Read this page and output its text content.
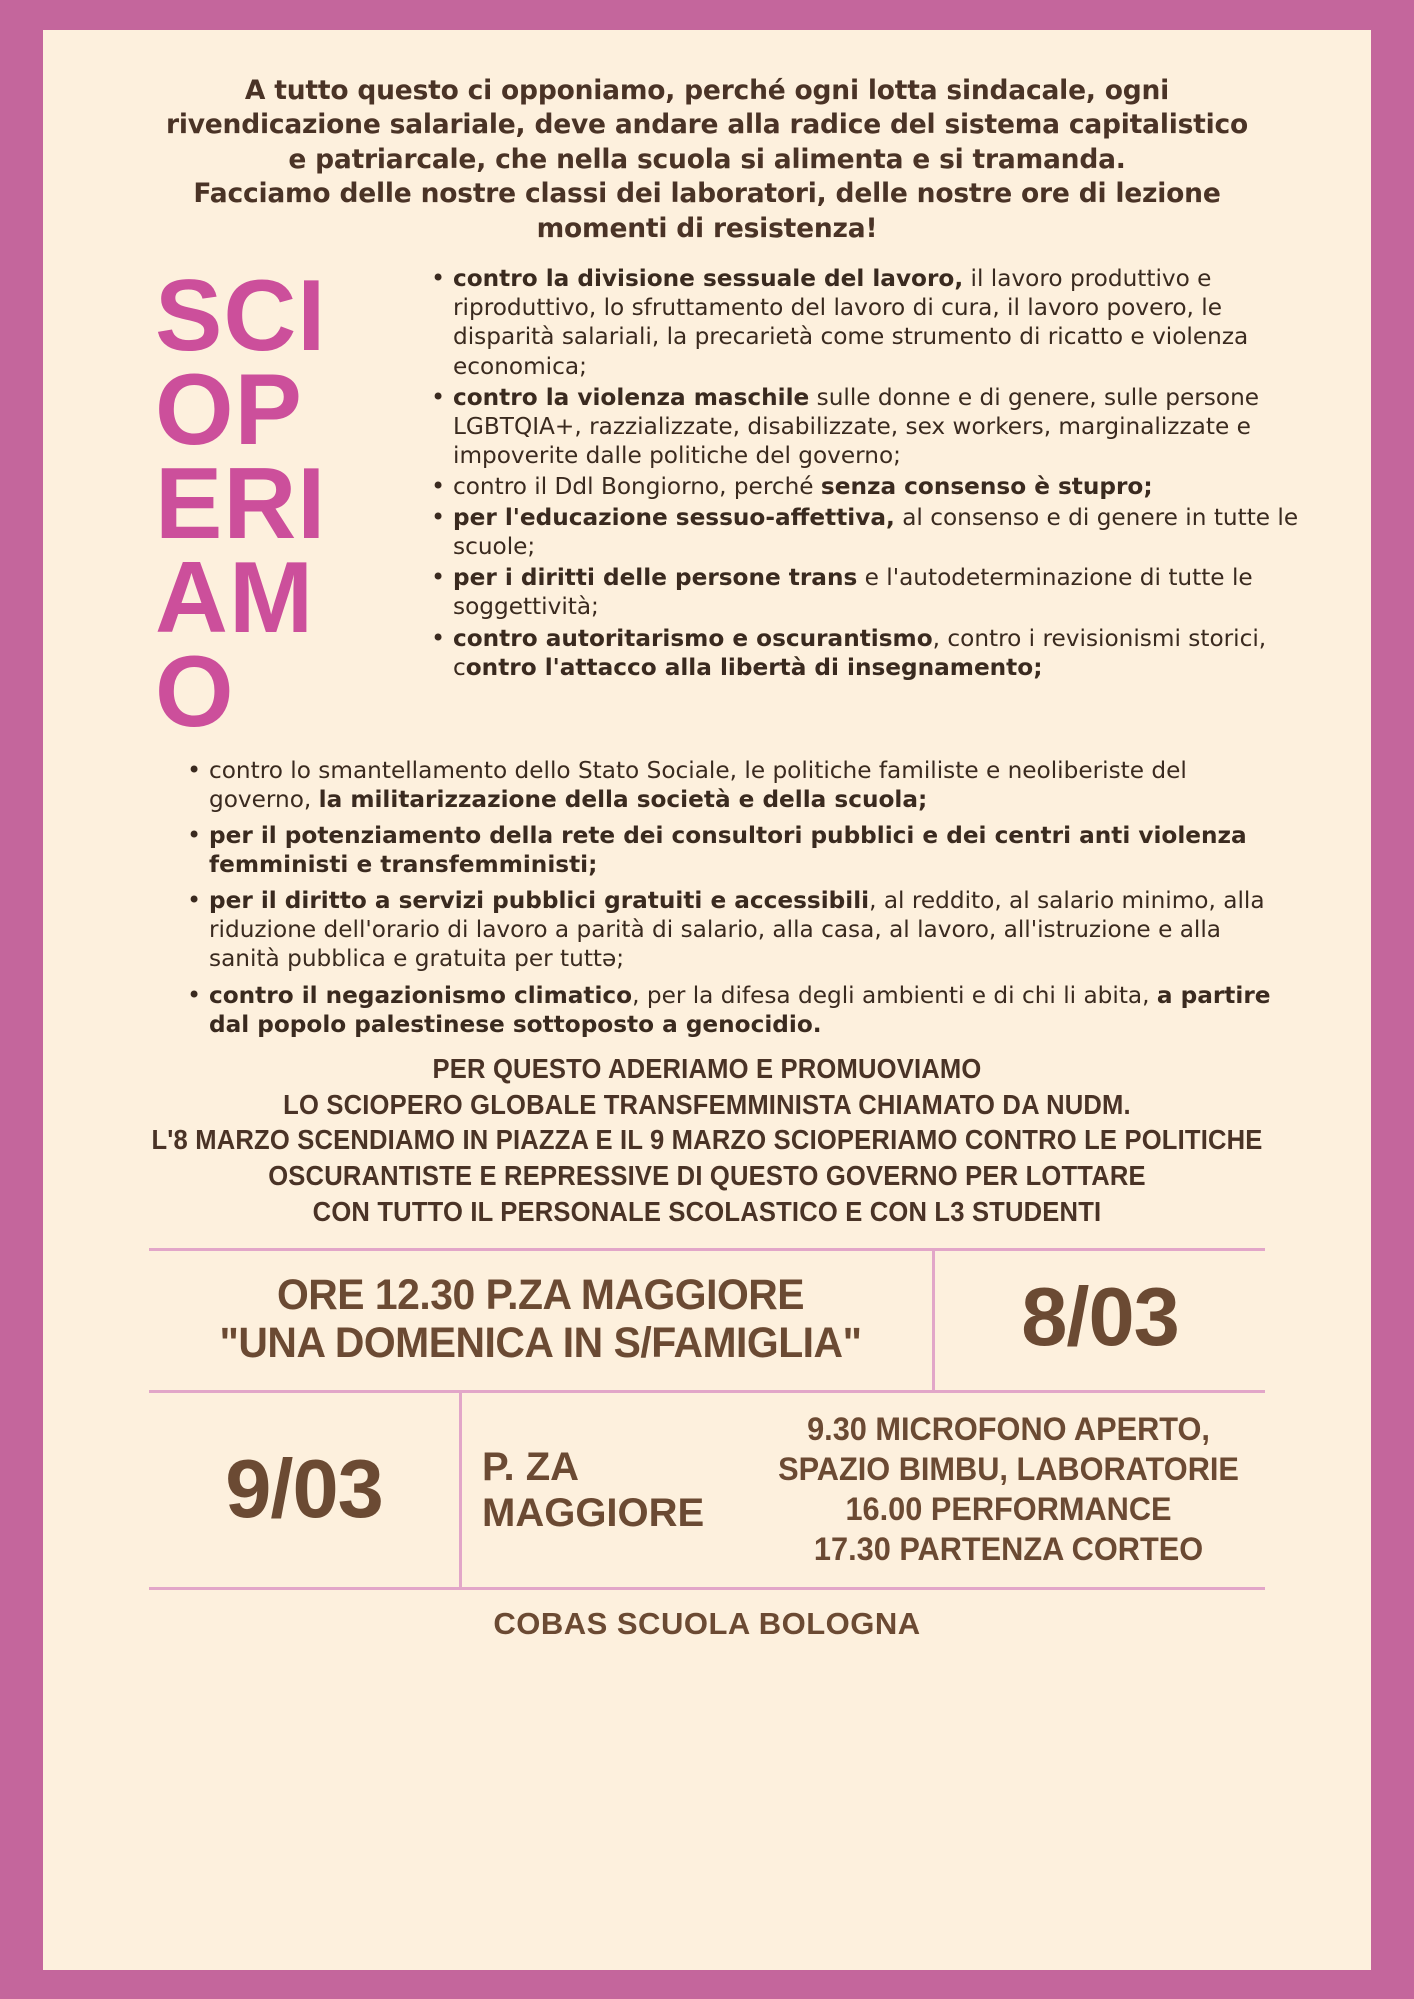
A tutto questo ci opponiamo, perché ogni lotta sindacale, ogni

rivendicazione salariale, deve andare alla radice del sistema capitalistico

e patriarcale, che nella scuola si alimenta e si tramanda.

Facciamo delle nostre classi dei laboratori, delle nostre ore di lezione

momenti di resistenza!

SCI
OP
ERI
AM
O
• contro la divisione sessuale del lavoro, il lavoro produttivo e riproduttivo, lo sfruttamento del lavoro di cura, il lavoro povero, le disparità salariali, la precarietà come strumento di ricatto e violenza economica;
• contro la violenza maschile sulle donne e di genere, sulle persone LGBTQIA+, razzializzate, disabilizzate, sex workers, marginalizzate e impoverite dalle politiche del governo;
• contro il Ddl Bongiorno, perché senza consenso è stupro;
• per l'educazione sessuo-affettiva, al consenso e di genere in tutte le scuole;
• per i diritti delle persone trans e l'autodeterminazione di tutte le soggettività;
• contro autoritarismo e oscurantismo, contro i revisionismi storici, contro l'attacco alla libertà di insegnamento;
• contro lo smantellamento dello Stato Sociale, le politiche familiste e neoliberiste del governo, la militarizzazione della società e della scuola;
• per il potenziamento della rete dei consultori pubblici e dei centri anti violenza femministi e transfemministi;
• per il diritto a servizi pubblici gratuiti e accessibili, al reddito, al salario minimo, alla riduzione dell'orario di lavoro a parità di salario, alla casa, al lavoro, all'istruzione e alla sanità pubblica e gratuita per tuttə;
• contro il negazionismo climatico, per la difesa degli ambienti e di chi li abita, a partire dal popolo palestinese sottoposto a genocidio.

PER QUESTO ADERIAMO E PROMUOVIAMO

LO SCIOPERO GLOBALE TRANSFEMMINISTA CHIAMATO DA NUDM.

L'8 MARZO SCENDIAMO IN PIAZZA E IL 9 MARZO SCIOPERIAMO CONTRO LE POLITICHE

OSCURANTISTE E REPRESSIVE DI QUESTO GOVERNO PER LOTTARE

CON TUTTO IL PERSONALE SCOLASTICO E CON L3 STUDENTI

ORE 12.30 P.ZA MAGGIORE
"UNA DOMENICA IN S/FAMIGLIA"	8/03
9/03	P. ZA
MAGGIORE
9.30 MICROFONO APERTO,
SPAZIO BIMBU, LABORATORIE
16.00 PERFORMANCE
17.30 PARTENZA CORTEO
COBAS SCUOLA BOLOGNA
